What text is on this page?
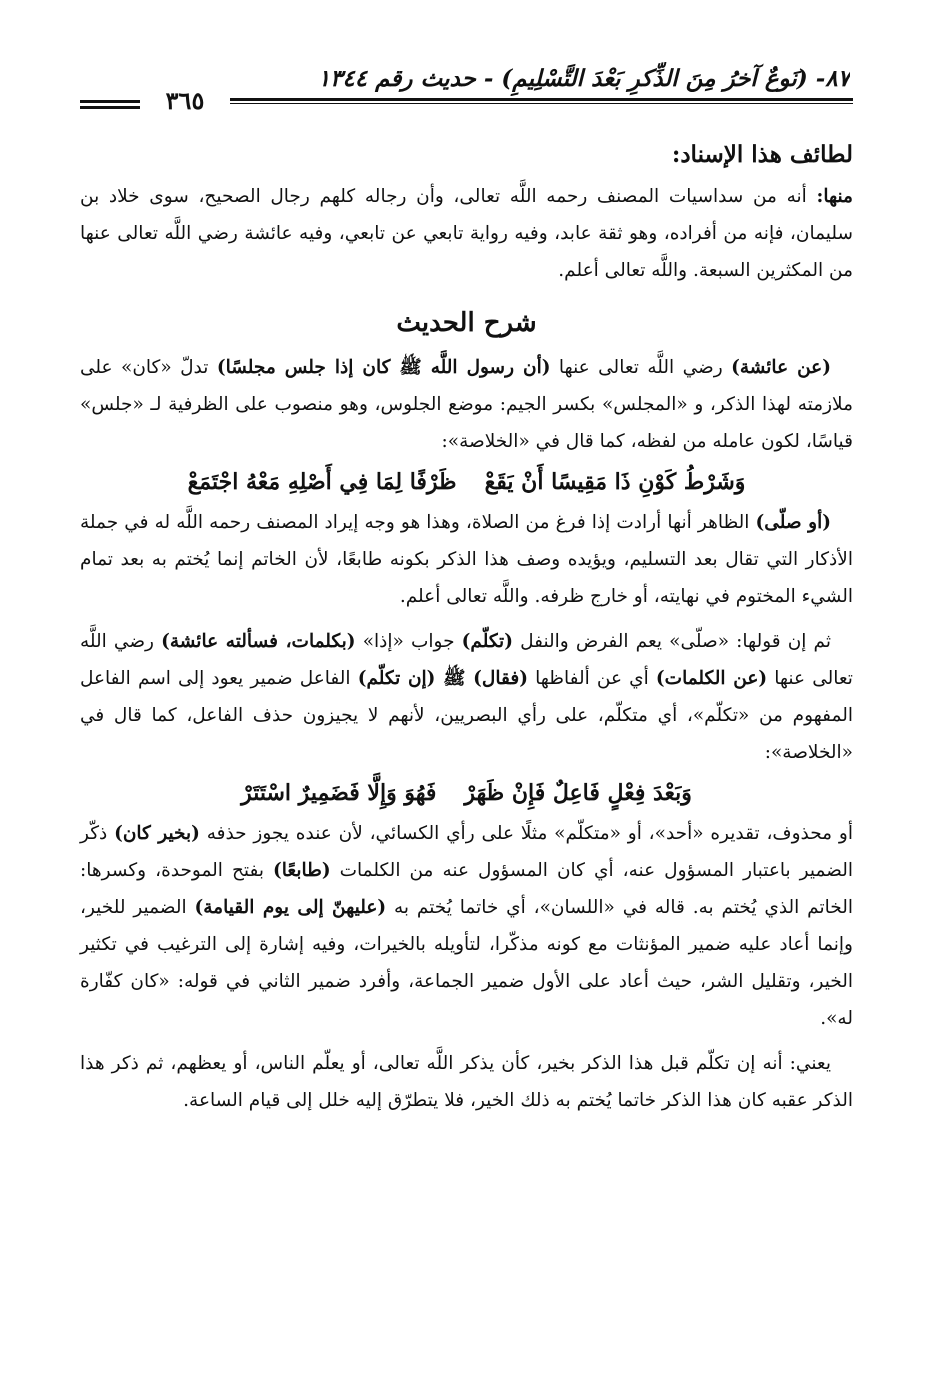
٨٧- (نَوعٌ آخرُ مِنَ الذِّكرِ بَعْدَ التَّسْلِيمِ) - حديث رقم ١٣٤٤
٣٦٥
لطائف هذا الإسناد:

منها: أنه من سداسيات المصنف رحمه اللَّه تعالى، وأن رجاله كلهم رجال الصحيح، سوى خلاد بن سليمان، فإنه من أفراده، وهو ثقة عابد، وفيه رواية تابعي عن تابعي، وفيه عائشة رضي اللَّه تعالى عنها من المكثرين السبعة. واللَّه تعالى أعلم.

شرح الحديث

(عن عائشة) رضي اللَّه تعالى عنها (أن رسول اللَّه ﷺ كان إذا جلس مجلسًا) تدلّ «كان» على ملازمته لهذا الذكر، و «المجلس» بكسر الجيم: موضع الجلوس، وهو منصوب على الظرفية لـ «جلس» قياسًا، لكون عامله من لفظه، كما قال في «الخلاصة»:

وَشَرْطُ كَوْنِ ذَا مَقِيسًا أَنْ يَقَعْظَرْفًا لِمَا فِي أَصْلِهِ مَعْهُ اجْتَمَعْ

(أو صلّى) الظاهر أنها أرادت إذا فرغ من الصلاة، وهذا هو وجه إيراد المصنف رحمه اللَّه له في جملة الأذكار التي تقال بعد التسليم، ويؤيده وصف هذا الذكر بكونه طابعًا، لأن الخاتم إنما يُختم به بعد تمام الشيء المختوم في نهايته، أو خارج ظرفه. واللَّه تعالى أعلم.

ثم إن قولها: «صلّى» يعم الفرض والنفل (تكلّم) جواب «إذا» (بكلمات، فسألته عائشة) رضي اللَّه تعالى عنها (عن الكلمات) أي عن ألفاظها (فقال) ﷺ (إن تكلّم) الفاعل ضمير يعود إلى اسم الفاعل المفهوم من «تكلّم»، أي متكلّم، على رأي البصريين، لأنهم لا يجيزون حذف الفاعل، كما قال في «الخلاصة»:

وَبَعْدَ فِعْلٍ فَاعِلٌ فَإِنْ ظَهَرْفَهُوَ وَإِلَّا فَضَمِيرٌ اسْتَتَرْ

أو محذوف، تقديره «أحد»، أو «متكلّم» مثلًا على رأي الكسائي، لأن عنده يجوز حذفه (بخير كان) ذكّر الضمير باعتبار المسؤول عنه، أي كان المسؤول عنه من الكلمات (طابعًا) بفتح الموحدة، وكسرها: الخاتم الذي يُختم به. قاله في «اللسان»، أي خاتما يُختم به (عليهنّ إلى يوم القيامة) الضمير للخير، وإنما أعاد عليه ضمير المؤنثات مع كونه مذكّرا، لتأويله بالخيرات، وفيه إشارة إلى الترغيب في تكثير الخير، وتقليل الشر، حيث أعاد على الأول ضمير الجماعة، وأفرد ضمير الثاني في قوله: «كان كفّارة له».

يعني: أنه إن تكلّم قبل هذا الذكر بخير، كأن يذكر اللَّه تعالى، أو يعلّم الناس، أو يعظهم، ثم ذكر هذا الذكر عقبه كان هذا الذكر خاتما يُختم به ذلك الخير، فلا يتطرّق إليه خلل إلى قيام الساعة.
